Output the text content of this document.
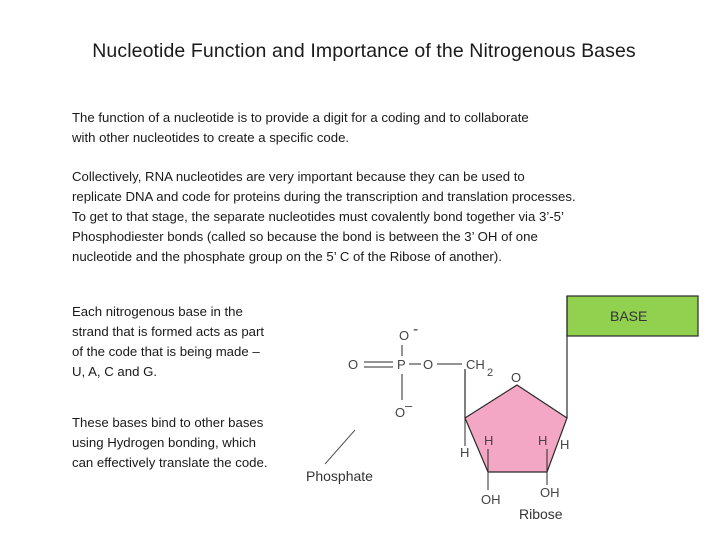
Nucleotide Function and Importance of the Nitrogenous Bases
The function of a nucleotide is to provide a digit for a coding and to collaborate
with other nucleotides to create a specific code.
Collectively, RNA nucleotides are very important because they can be used to
replicate DNA and code for proteins during the transcription and translation processes.
To get to that stage, the separate nucleotides must covalently bond together via 3’-5’
Phosphodiester bonds (called so because the bond is between the 3’ OH of one
nucleotide and the phosphate group on the 5’ C of the Ribose of another).
Each nitrogenous base in the
strand that is formed acts as part
of the code that is being made –
U, A, C and G.
These bases bind to other bases
using Hydrogen bonding, which
can effectively translate the code.
BASE
O -
O	P O	CH
2
O –
O
H
H	H H
OH	OH
Phosphate
Ribose
